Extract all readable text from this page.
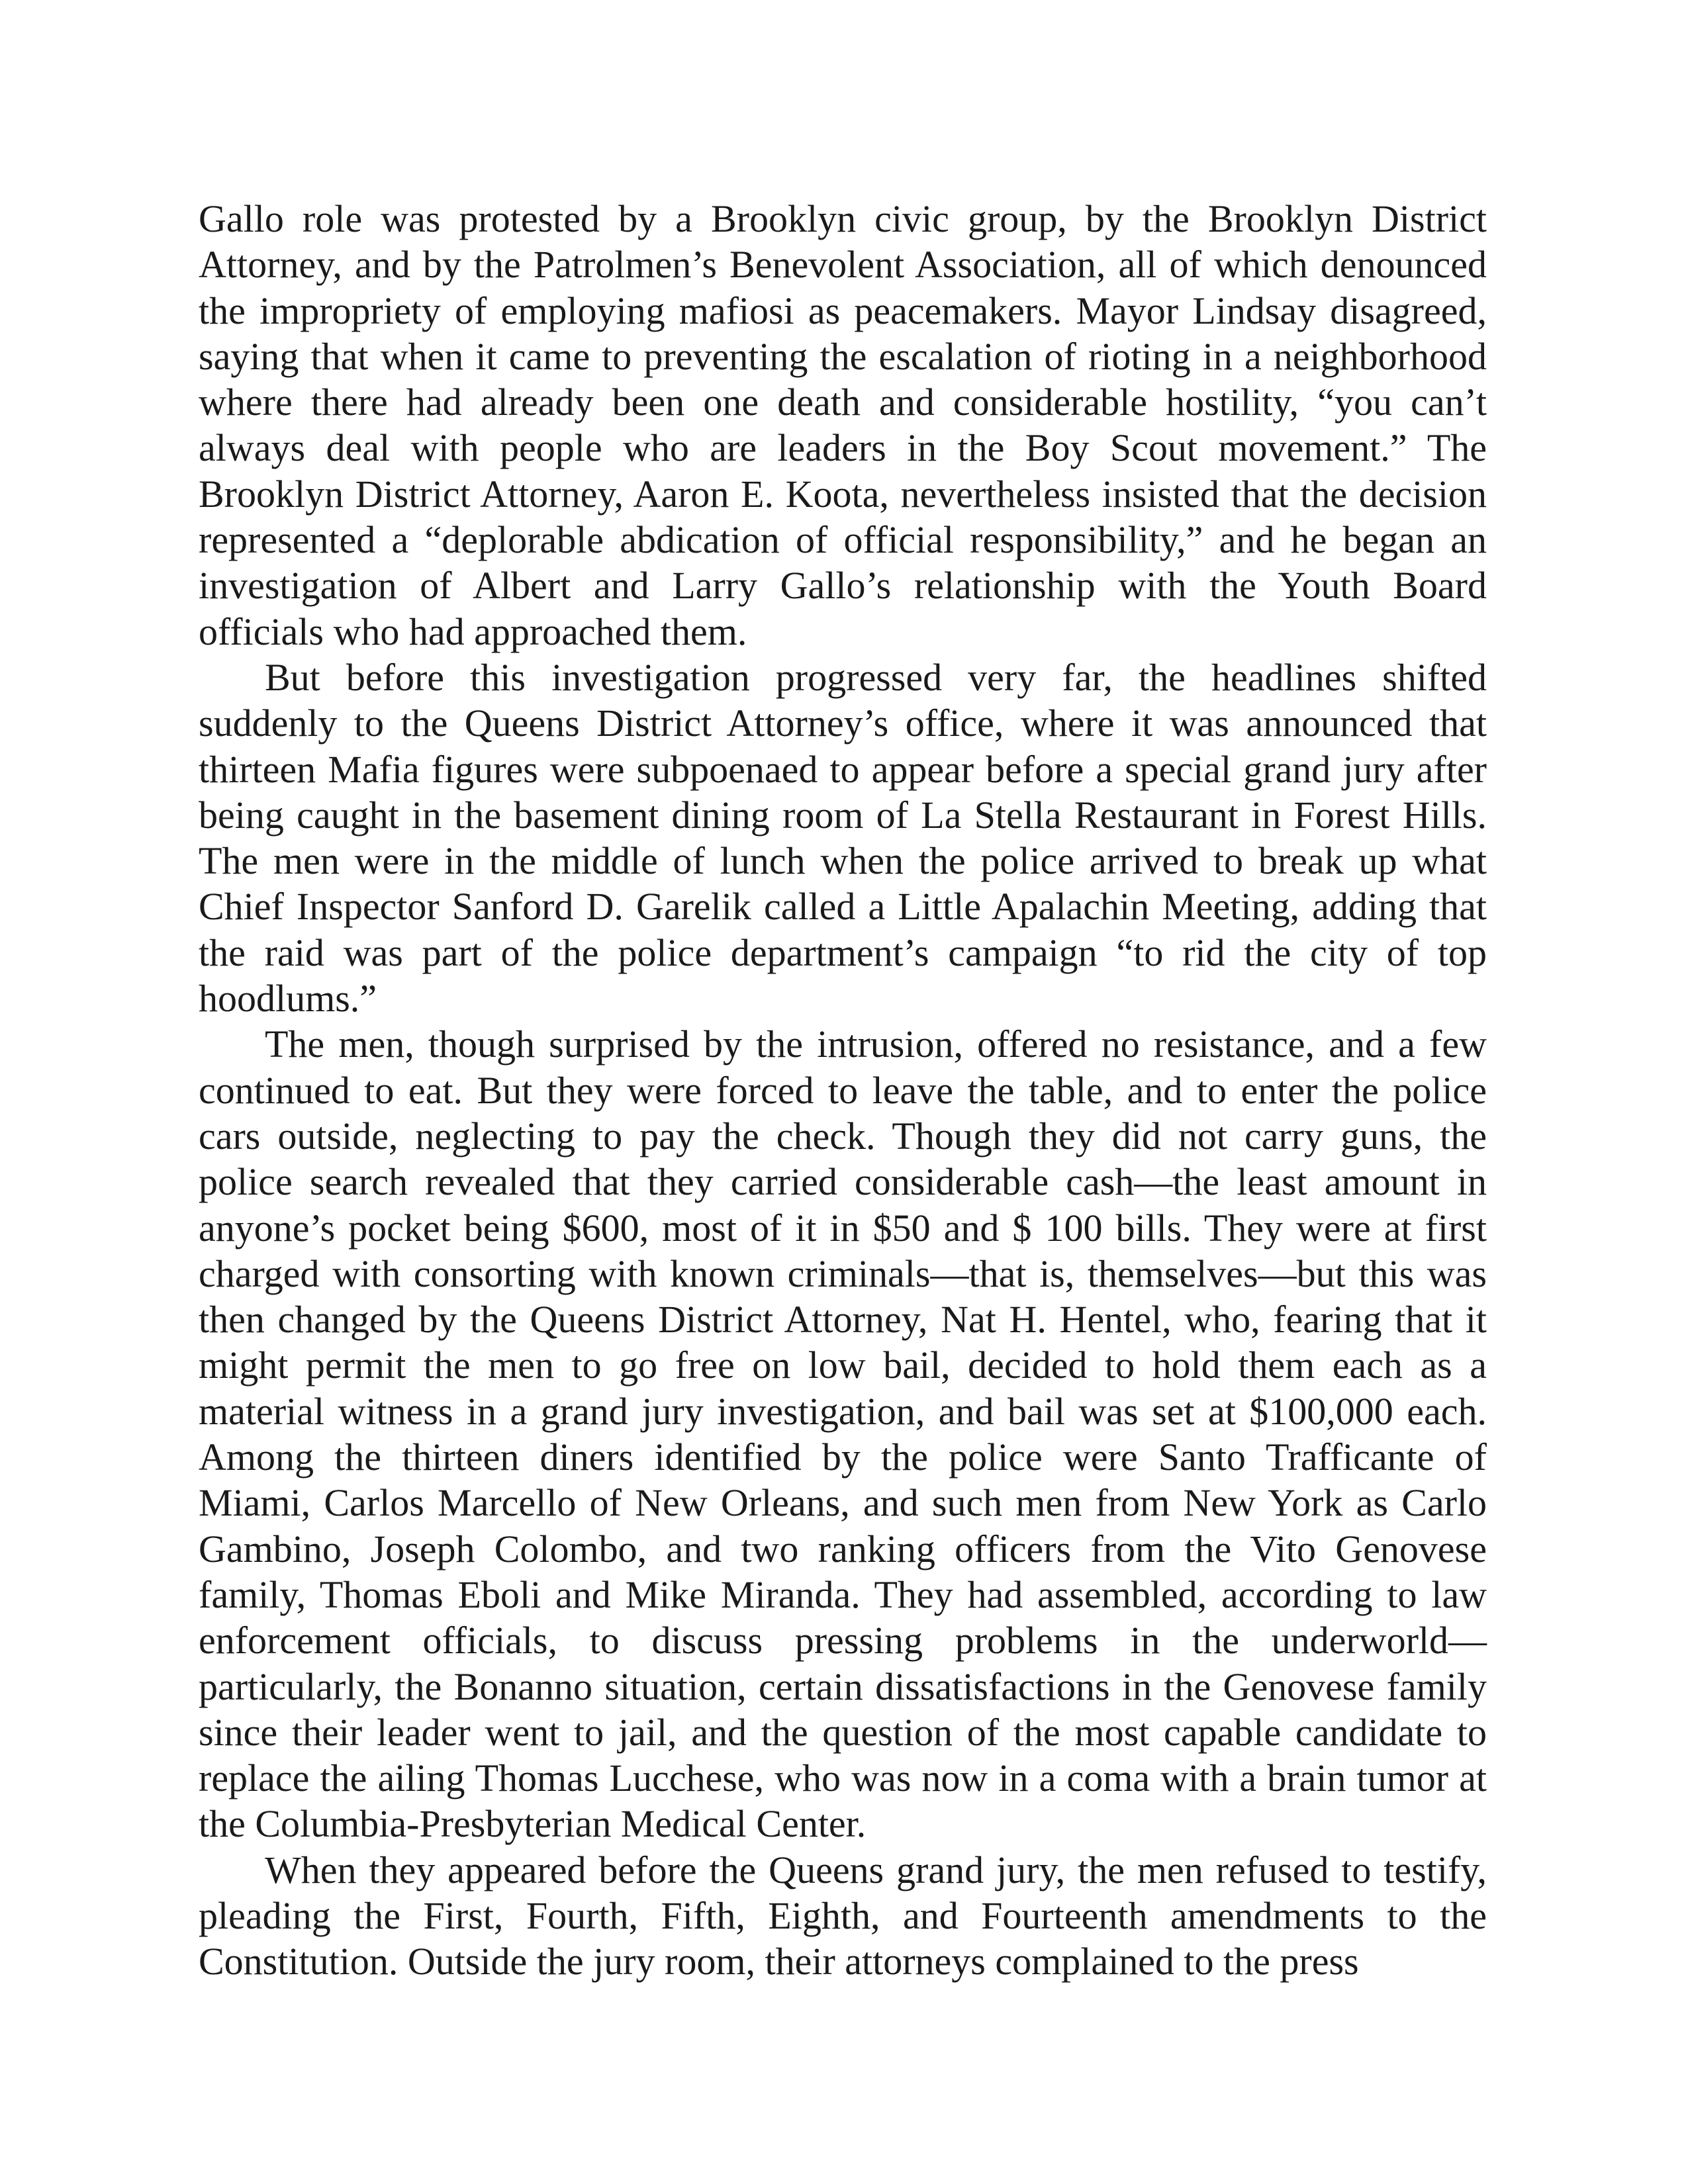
Gallo role was protested by a Brooklyn civic group, by the Brooklyn District Attorney, and by the Patrolmen’s Benevolent Association, all of which denounced the impropriety of employing mafiosi as peacemakers. Mayor Lindsay disagreed, saying that when it came to preventing the escalation of rioting in a neighborhood where there had already been one death and considerable hostility, “you can’t always deal with people who are leaders in the Boy Scout movement.” The Brooklyn District Attorney, Aaron E. Koota, nevertheless insisted that the decision represented a “deplorable abdication of official responsibility,” and he began an investigation of Albert and Larry Gallo’s relationship with the Youth Board officials who had approached them.

But before this investigation progressed very far, the headlines shifted suddenly to the Queens District Attorney’s office, where it was announced that thirteen Mafia figures were subpoenaed to appear before a special grand jury after being caught in the basement dining room of La Stella Restaurant in Forest Hills. The men were in the middle of lunch when the police arrived to break up what Chief Inspector Sanford D. Garelik called a Little Apalachin Meeting, adding that the raid was part of the police department’s campaign “to rid the city of top hoodlums.”

The men, though surprised by the intrusion, offered no resistance, and a few continued to eat. But they were forced to leave the table, and to enter the police cars outside, neglecting to pay the check. Though they did not carry guns, the police search revealed that they carried considerable cash—the least amount in anyone’s pocket being $600, most of it in $50 and $ 100 bills. They were at first charged with consorting with known criminals—that is, themselves—but this was then changed by the Queens District Attorney, Nat H. Hentel, who, fearing that it might permit the men to go free on low bail, decided to hold them each as a material witness in a grand jury investigation, and bail was set at $100,000 each. Among the thirteen diners identified by the police were Santo Trafficante of Miami, Carlos Marcello of New Orleans, and such men from New York as Carlo Gambino, Joseph Colombo, and two ranking officers from the Vito Genovese family, Thomas Eboli and Mike Miranda. They had assembled, according to law enforcement officials, to discuss pressing problems in the underworld—particularly, the Bonanno situation, certain dissatisfactions in the Genovese family since their leader went to jail, and the question of the most capable candidate to replace the ailing Thomas Lucchese, who was now in a coma with a brain tumor at the Columbia-Presbyterian Medical Center.

When they appeared before the Queens grand jury, the men refused to testify, pleading the First, Fourth, Fifth, Eighth, and Fourteenth amendments to the Constitution. Outside the jury room, their attorneys complained to the press
